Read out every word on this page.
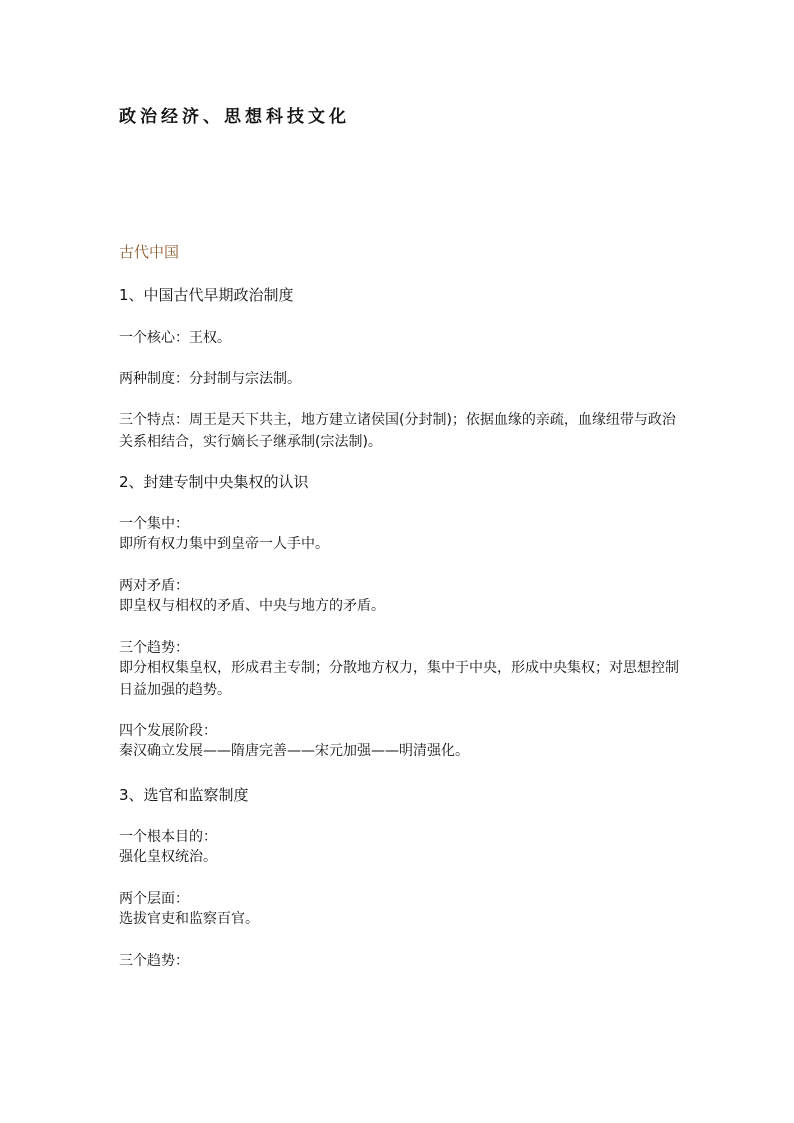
政治经济、思想科技文化
古代中国
1、中国古代早期政治制度
一个核心：王权。
两种制度：分封制与宗法制。
三个特点：周王是天下共主，地方建立诸侯国(分封制)；依据血缘的亲疏，血缘纽带与政治关系相结合，实行嫡长子继承制(宗法制)。
2、封建专制中央集权的认识
一个集中：
即所有权力集中到皇帝一人手中。
两对矛盾：
即皇权与相权的矛盾、中央与地方的矛盾。
三个趋势：
即分相权集皇权，形成君主专制；分散地方权力，集中于中央，形成中央集权；对思想控制日益加强的趋势。
四个发展阶段：
秦汉确立发展——隋唐完善——宋元加强——明清强化。
3、选官和监察制度
一个根本目的：
强化皇权统治。
两个层面：
选拔官吏和监察百官。
三个趋势：
